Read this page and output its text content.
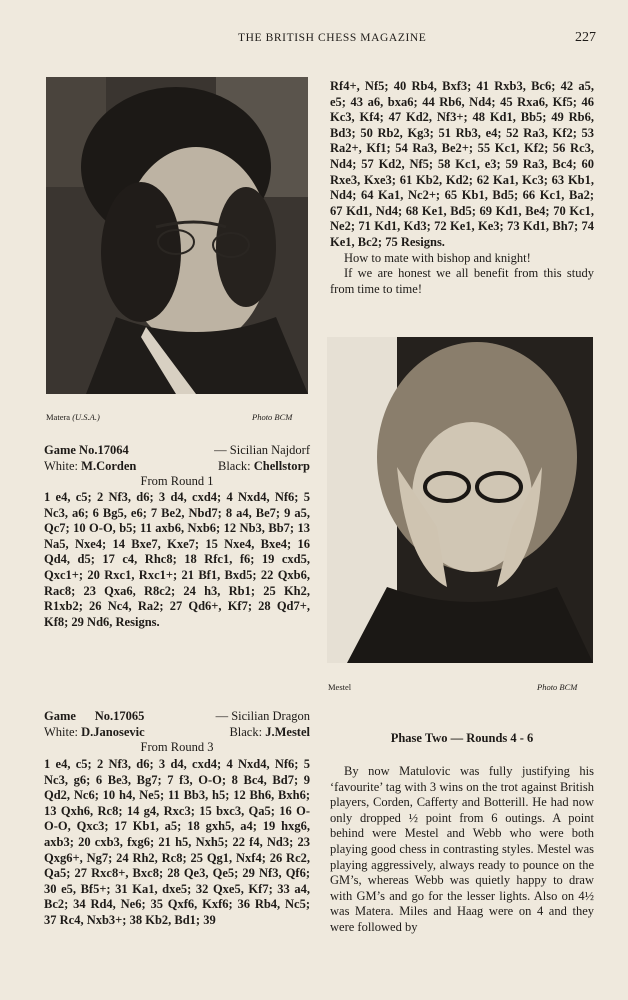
THE BRITISH CHESS MAGAZINE	227
Matera (U.S.A.)	Photo BCM
Game No.17064	— Sicilian Najdorf
White: M.Corden	Black: Chellstorp
From Round 1
1 e4, c5; 2 Nf3, d6; 3 d4, cxd4; 4 Nxd4, Nf6; 5 Nc3, a6; 6 Bg5, e6; 7 Be2, Nbd7; 8 a4, Be7; 9 a5, Qc7; 10 O-O, b5; 11 axb6, Nxb6; 12 Nb3, Bb7; 13 Na5, Nxe4; 14 Bxe7, Kxe7; 15 Nxe4, Bxe4; 16 Qd4, d5; 17 c4, Rhc8; 18 Rfc1, f6; 19 cxd5, Qxc1+; 20 Rxc1, Rxc1+; 21 Bf1, Bxd5; 22 Qxb6, Rac8; 23 Qxa6, R8c2; 24 h3, Rb1; 25 Kh2, R1xb2; 26 Nc4, Ra2; 27 Qd6+, Kf7; 28 Qd7+, Kf8; 29 Nd6, Resigns.
Game No.17065	— Sicilian Dragon
White: D.Janosevic	Black: J.Mestel
From Round 3
1 e4, c5; 2 Nf3, d6; 3 d4, cxd4; 4 Nxd4, Nf6; 5 Nc3, g6; 6 Be3, Bg7; 7 f3, O-O; 8 Bc4, Bd7; 9 Qd2, Nc6; 10 h4, Ne5; 11 Bb3, h5; 12 Bh6, Bxh6; 13 Qxh6, Rc8; 14 g4, Rxc3; 15 bxc3, Qa5; 16 O-O-O, Qxc3; 17 Kb1, a5; 18 gxh5, a4; 19 hxg6, axb3; 20 cxb3, fxg6; 21 h5, Nxh5; 22 f4, Nd3; 23 Qxg6+, Ng7; 24 Rh2, Rc8; 25 Qg1, Nxf4; 26 Rc2, Qa5; 27 Rxc8+, Bxc8; 28 Qe3, Qe5; 29 Nf3, Qf6; 30 e5, Bf5+; 31 Ka1, dxe5; 32 Qxe5, Kf7; 33 a4, Bc2; 34 Rd4, Ne6; 35 Qxf6, Kxf6; 36 Rb4, Nc5; 37 Rc4, Nxb3+; 38 Kb2, Bd1; 39
Rf4+, Nf5; 40 Rb4, Bxf3; 41 Rxb3, Bc6; 42 a5, e5; 43 a6, bxa6; 44 Rb6, Nd4; 45 Rxa6, Kf5; 46 Kc3, Kf4; 47 Kd2, Nf3+; 48 Kd1, Bb5; 49 Rb6, Bd3; 50 Rb2, Kg3; 51 Rb3, e4; 52 Ra3, Kf2; 53 Ra2+, Kf1; 54 Ra3, Be2+; 55 Kc1, Kf2; 56 Rc3, Nd4; 57 Kd2, Nf5; 58 Kc1, e3; 59 Ra3, Bc4; 60 Rxe3, Kxe3; 61 Kb2, Kd2; 62 Ka1, Kc3; 63 Kb1, Nd4; 64 Ka1, Nc2+; 65 Kb1, Bd5; 66 Kc1, Ba2; 67 Kd1, Nd4; 68 Ke1, Bd5; 69 Kd1, Be4; 70 Kc1, Ne2; 71 Kd1, Kd3; 72 Ke1, Ke3; 73 Kd1, Bh7; 74 Ke1, Bc2; 75 Resigns.
How to mate with bishop and knight!
If we are honest we all benefit from this study from time to time!
Mestel	Photo BCM
Phase Two — Rounds 4 - 6
By now Matulovic was fully justifying his ‘favourite’ tag with 3 wins on the trot against British players, Corden, Cafferty and Botterill. He had now only dropped ½ point from 6 outings. A point behind were Mestel and Webb who were both playing good chess in contrasting styles. Mestel was playing aggressively, always ready to pounce on the GM’s, whereas Webb was quietly happy to draw with GM’s and go for the lesser lights. Also on 4½ was Matera. Miles and Haag were on 4 and they were followed by
